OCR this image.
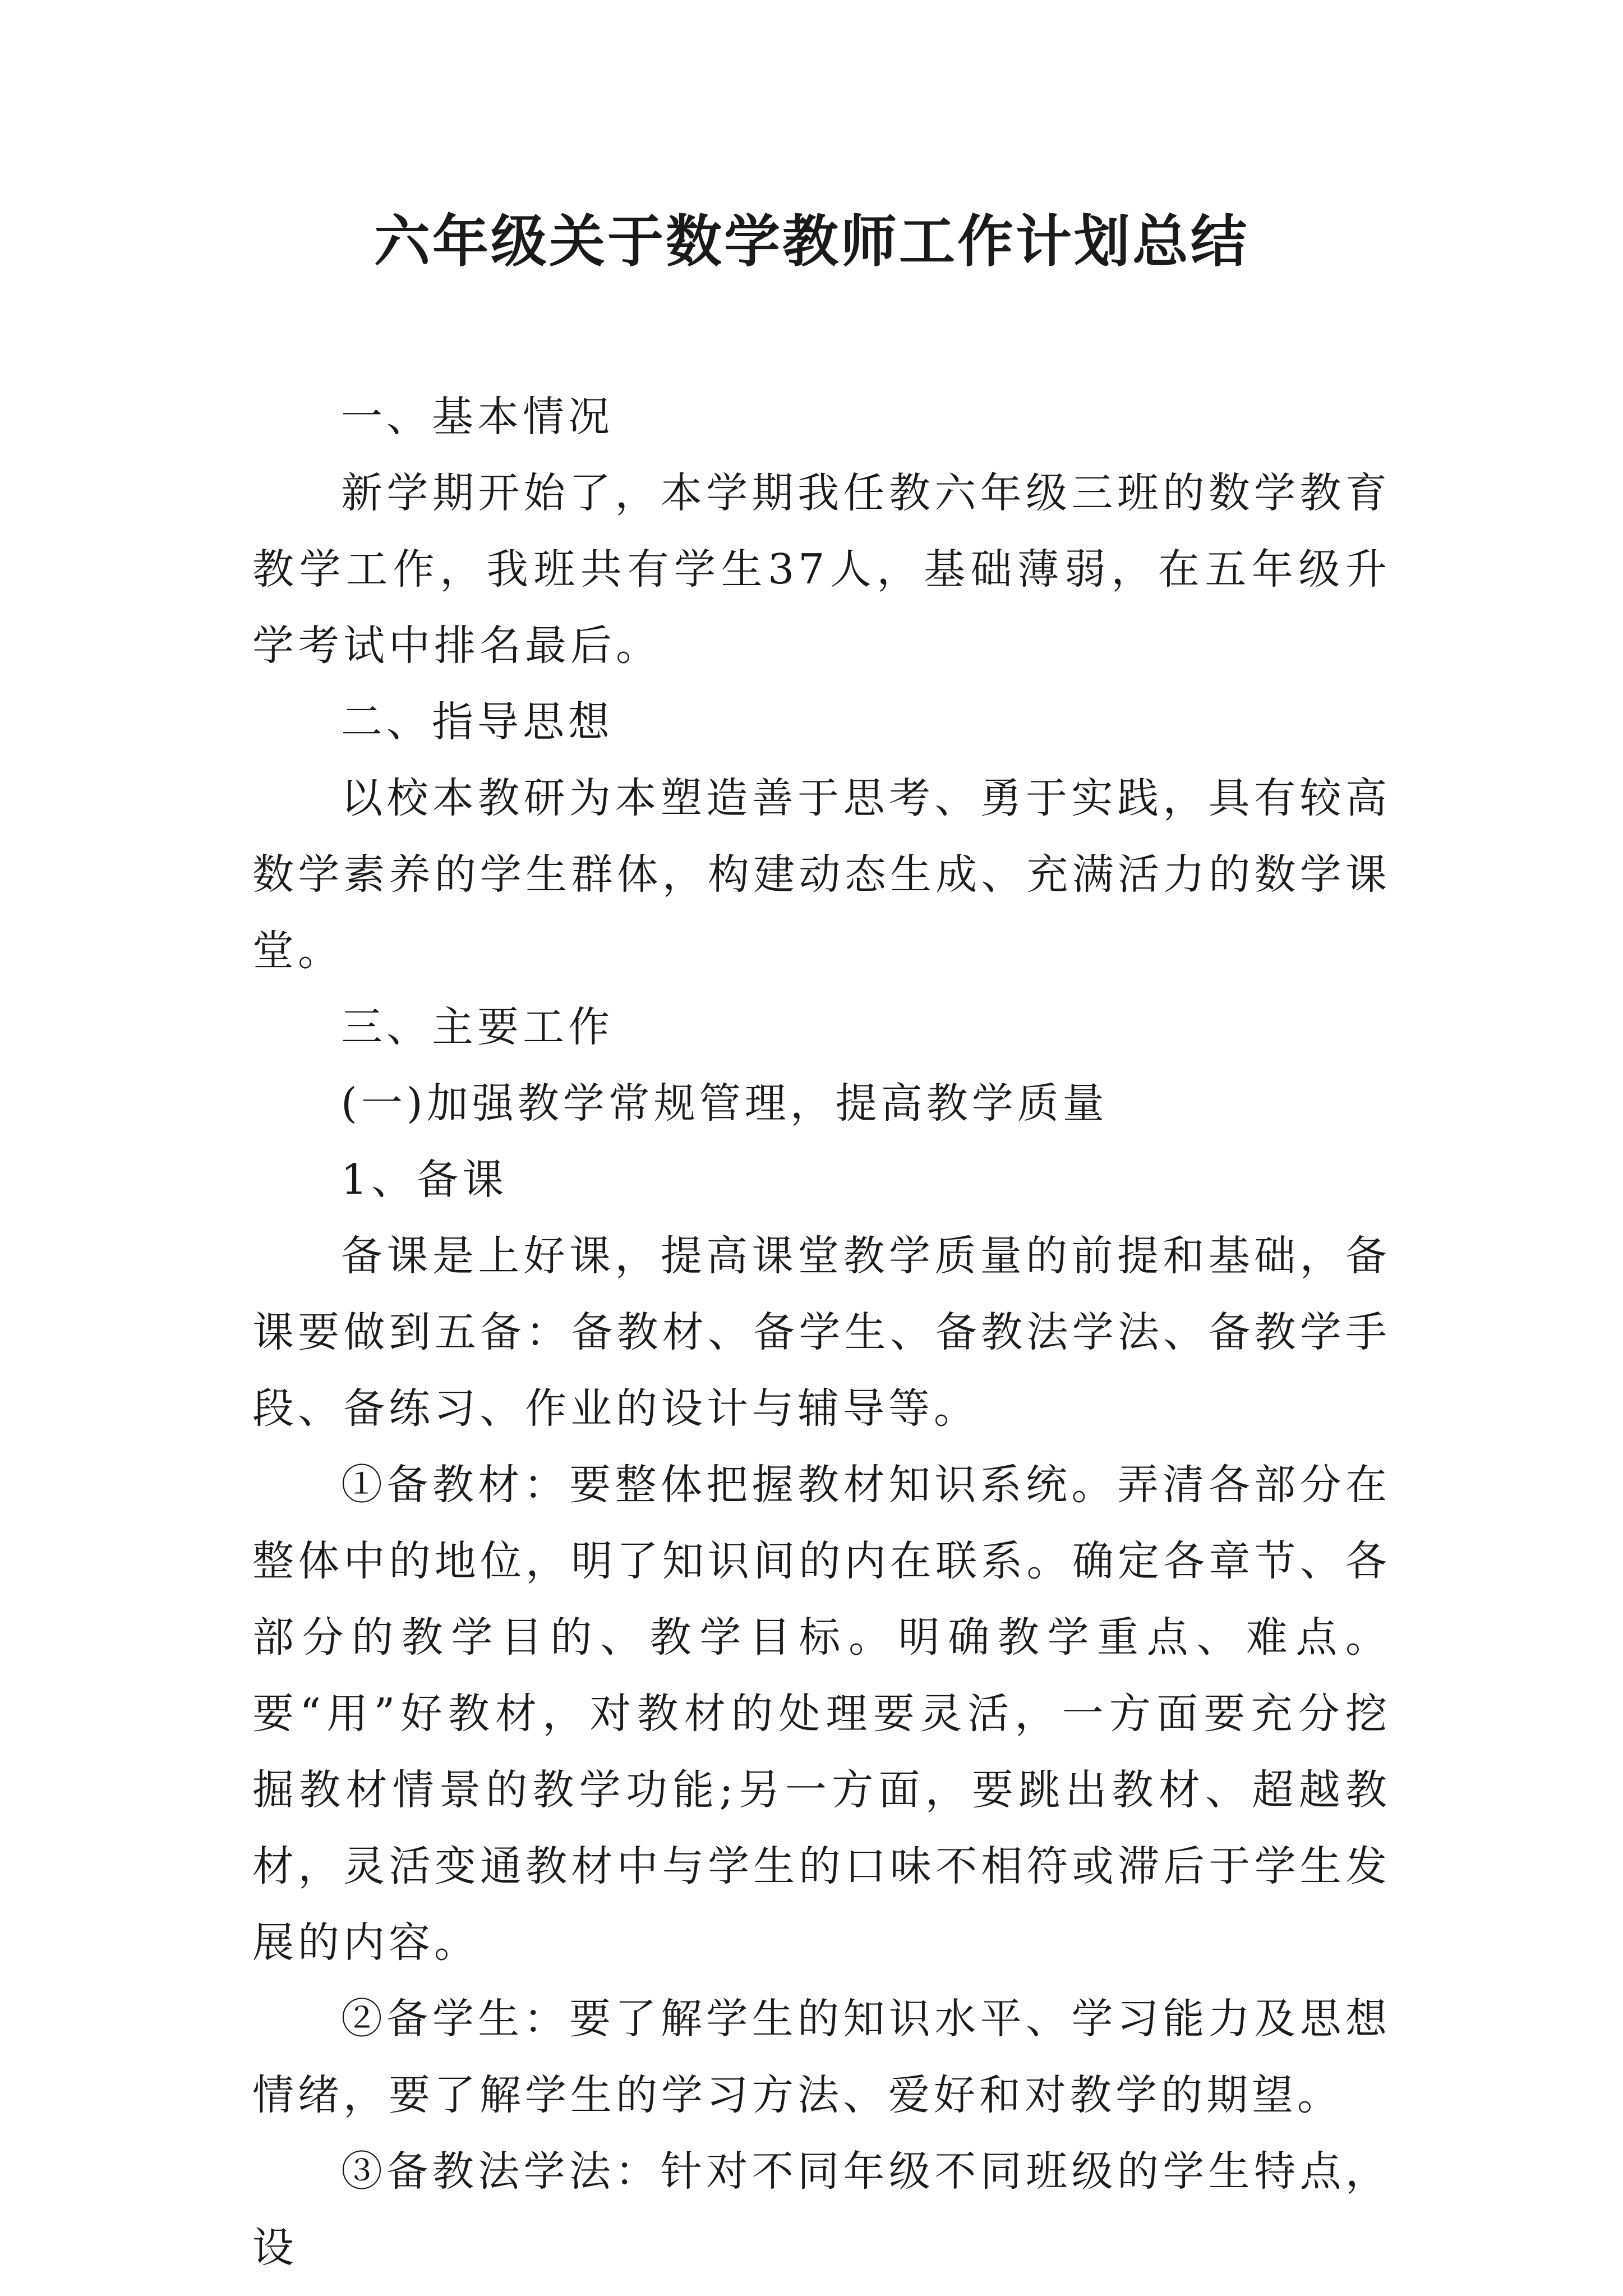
六年级关于数学教师工作计划总结

一、基本情况

新学期开始了，本学期我任教六年级三班的数学教育教学工作，我班共有学生37人，基础薄弱，在五年级升学考试中排名最后。

二、指导思想

以校本教研为本塑造善于思考、勇于实践，具有较高数学素养的学生群体，构建动态生成、充满活力的数学课堂。

三、主要工作

(一)加强教学常规管理，提高教学质量

1、备课

备课是上好课，提高课堂教学质量的前提和基础，备课要做到五备：备教材、备学生、备教法学法、备教学手段、备练习、作业的设计与辅导等。

①备教材：要整体把握教材知识系统。弄清各部分在整体中的地位，明了知识间的内在联系。确定各章节、各部分的教学目的、教学目标。明确教学重点、难点。要“用”好教材，对教材的处理要灵活，一方面要充分挖掘教材情景的教学功能;另一方面，要跳出教材、超越教材，灵活变通教材中与学生的口味不相符或滞后于学生发展的内容。

②备学生：要了解学生的知识水平、学习能力及思想情绪，要了解学生的学习方法、爱好和对教学的期望。

③备教法学法：针对不同年级不同班级的学生特点，设
